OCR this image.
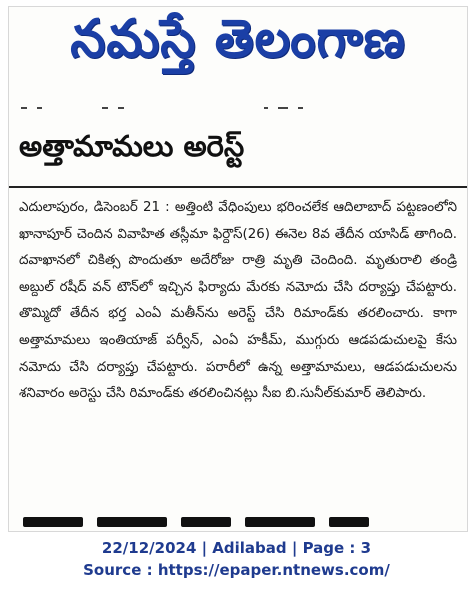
నమస్తే తెలంగాణ
అత్తామామలు అరెస్ట్

ఎదులాపురం, డిసెంబర్ 21 : అత్తింటి వేధింపులు భరించలేక ఆదిలాబాద్ పట్టణంలోని ఖానాపూర్ చెందిన వివాహిత తస్లీమా ఫిర్దౌస్(26) ఈనెల 8వ తేదీన యాసిడ్ తాగింది. దవాఖానలో చికిత్స పొందుతూ అదేరోజు రాత్రి మృతి చెందింది. మృతురాలి తండ్రి అబ్దుల్ రషీద్ వన్ టౌన్‌లో ఇచ్చిన ఫిర్యాదు మేరకు నమోదు చేసి దర్యాప్తు చేపట్టారు. తొమ్మిదో తేదీన భర్త ఎంఏ మతీన్‌ను అరెస్ట్ చేసి రిమాండ్‌కు తరలించారు. కాగా అత్తామామలు ఇంతియాజ్ పర్వీన్, ఎంఏ హకీమ్, ముగ్గురు ఆడపడుచులపై కేసు నమోదు చేసి దర్యాప్తు చేపట్టారు. పరారీలో ఉన్న అత్తామామలు, ఆడపడుచులను శనివారం అరెస్టు చేసి రిమాండ్‌కు తరలించినట్లు సీఐ బి.సునీల్‌కుమార్ తెలిపారు.

22/12/2024 | Adilabad | Page : 3
Source : https://epaper.ntnews.com/
